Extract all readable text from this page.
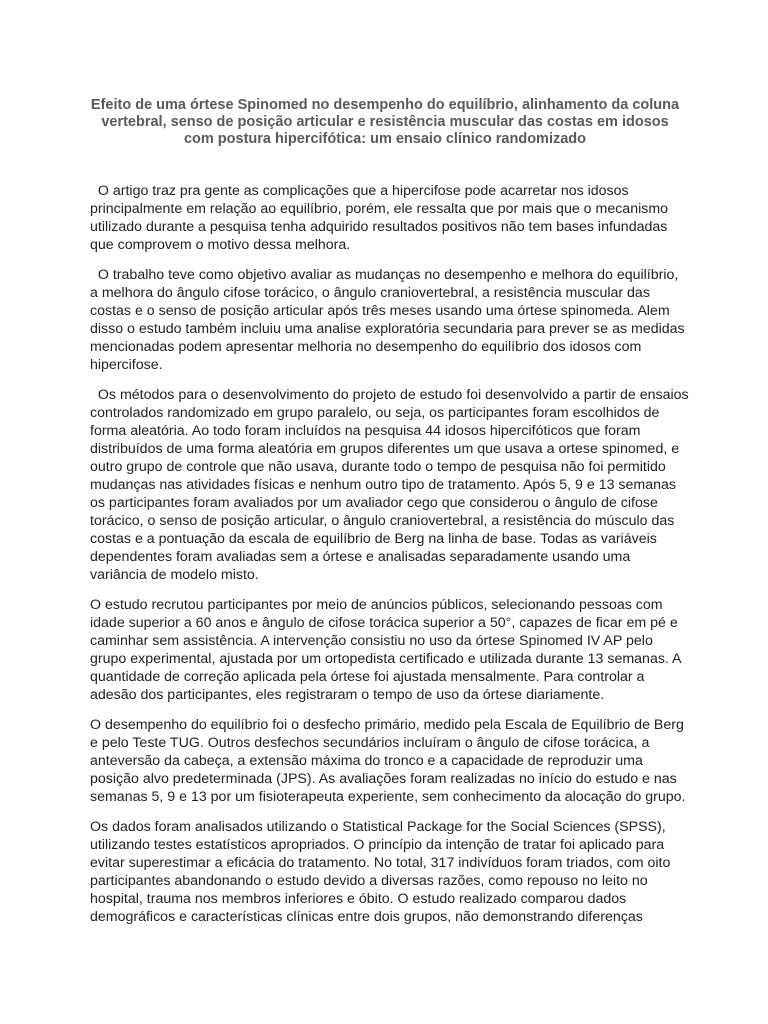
Efeito de uma órtese Spinomed no desempenho do equilíbrio, alinhamento da coluna vertebral, senso de posição articular e resistência muscular das costas em idosos com postura hipercifótica: um ensaio clínico randomizado

O artigo traz pra gente as complicações que a hipercifose pode acarretar nos idosos principalmente em relação ao equilíbrio, porém, ele ressalta que por mais que o mecanismo utilizado durante a pesquisa tenha adquirido resultados positivos não tem bases infundadas que comprovem o motivo dessa melhora.

O trabalho teve como objetivo avaliar as mudanças no desempenho e melhora do equilíbrio, a melhora do ângulo cifose torácico, o ângulo craniovertebral, a resistência muscular das costas e o senso de posição articular após três meses usando uma órtese spinomeda. Alem disso o estudo também incluiu uma analise exploratória secundaria para prever se as medidas mencionadas podem apresentar melhoria no desempenho do equilíbrio dos idosos com hipercifose.

Os métodos para o desenvolvimento do projeto de estudo foi desenvolvido a partir de ensaios controlados randomizado em grupo paralelo, ou seja, os participantes foram escolhidos de forma aleatória. Ao todo foram incluídos na pesquisa 44 idosos hipercifóticos que foram distribuídos de uma forma aleatória em grupos diferentes um que usava a ortese spinomed, e outro grupo de controle que não usava, durante todo o tempo de pesquisa não foi permitido mudanças nas atividades físicas e nenhum outro tipo de tratamento. Após 5, 9 e 13 semanas os participantes foram avaliados por um avaliador cego que considerou o ângulo de cifose torácico, o senso de posição articular, o ângulo craniovertebral, a resistência do músculo das costas e a pontuação da escala de equilíbrio de Berg na linha de base. Todas as variáveis dependentes foram avaliadas sem a órtese e analisadas separadamente usando uma variância de modelo misto.

O estudo recrutou participantes por meio de anúncios públicos, selecionando pessoas com idade superior a 60 anos e ângulo de cifose torácica superior a 50°, capazes de ficar em pé e caminhar sem assistência. A intervenção consistiu no uso da órtese Spinomed IV AP pelo grupo experimental, ajustada por um ortopedista certificado e utilizada durante 13 semanas. A quantidade de correção aplicada pela órtese foi ajustada mensalmente. Para controlar a adesão dos participantes, eles registraram o tempo de uso da órtese diariamente.

O desempenho do equilíbrio foi o desfecho primário, medido pela Escala de Equilíbrio de Berg e pelo Teste TUG. Outros desfechos secundários incluíram o ângulo de cifose torácica, a anteversão da cabeça, a extensão máxima do tronco e a capacidade de reproduzir uma posição alvo predeterminada (JPS). As avaliações foram realizadas no início do estudo e nas semanas 5, 9 e 13 por um fisioterapeuta experiente, sem conhecimento da alocação do grupo.

Os dados foram analisados utilizando o Statistical Package for the Social Sciences (SPSS), utilizando testes estatísticos apropriados. O princípio da intenção de tratar foi aplicado para evitar superestimar a eficácia do tratamento. No total, 317 indivíduos foram triados, com oito participantes abandonando o estudo devido a diversas razões, como repouso no leito no hospital, trauma nos membros inferiores e óbito. O estudo realizado comparou dados demográficos e características clínicas entre dois grupos, não demonstrando diferenças
